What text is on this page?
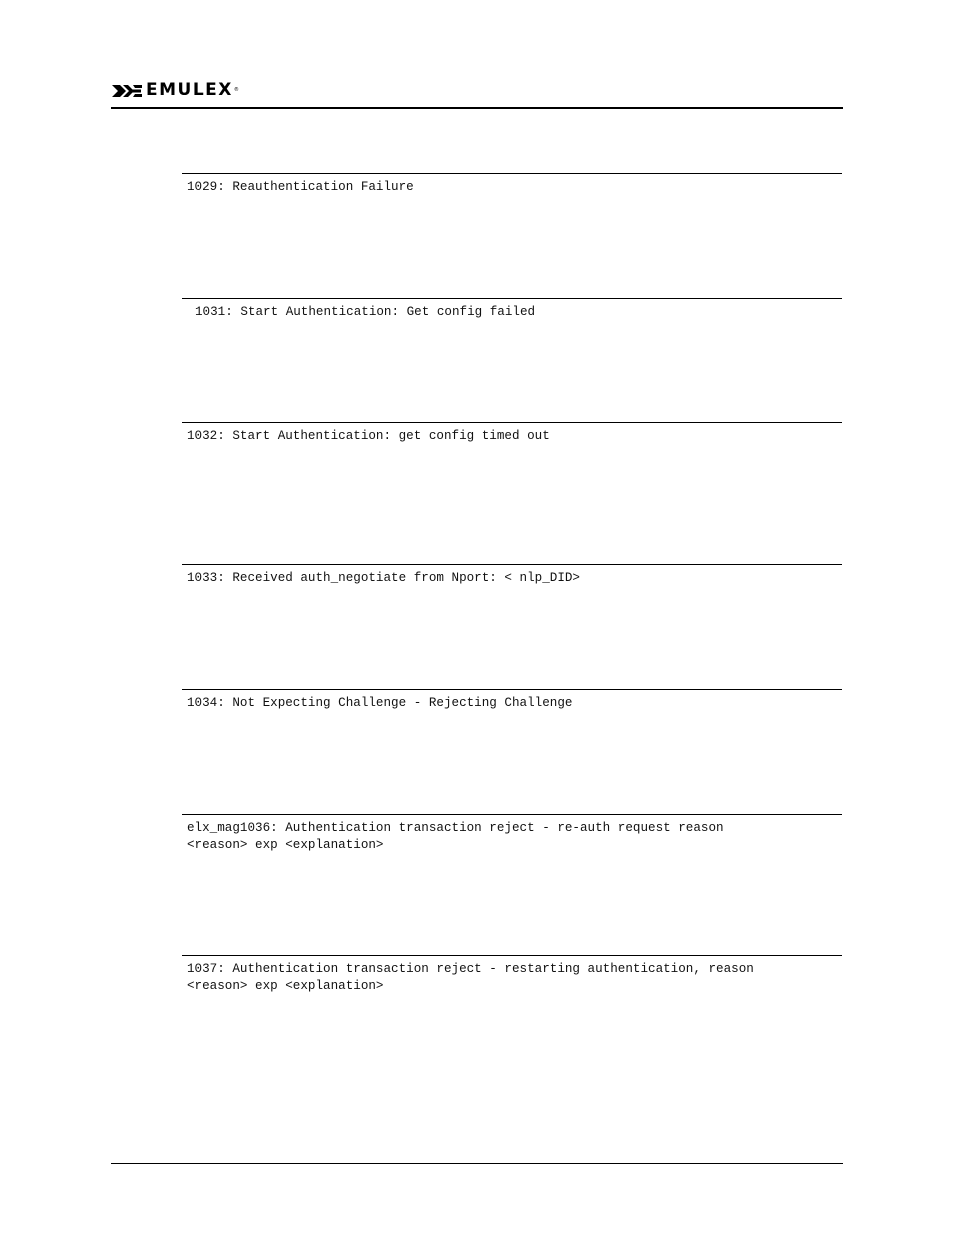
EMULEX ®

1029: Reauthentication Failure

1031: Start Authentication: Get config failed

1032: Start Authentication: get config timed out

1033: Received auth_negotiate from Nport: < nlp_DID>

1034: Not Expecting Challenge - Rejecting Challenge

elx_mag1036: Authentication transaction reject - re-auth request reason
<reason> exp <explanation>

1037: Authentication transaction reject - restarting authentication, reason
<reason> exp <explanation>
